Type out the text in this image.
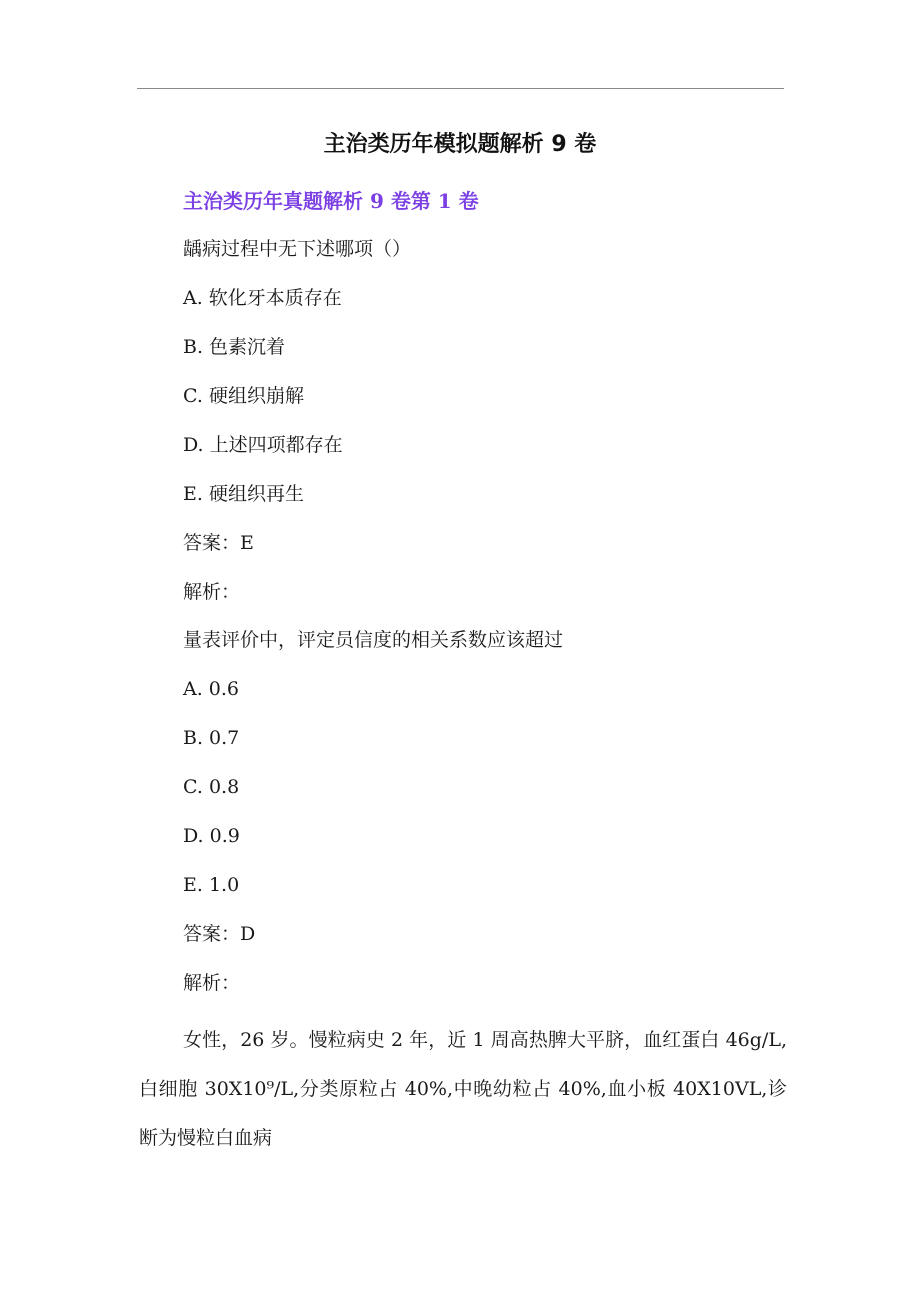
主治类历年模拟题解析 9 卷
主治类历年真题解析 9 卷第 1 卷

龋病过程中无下述哪项（）

A. 软化牙本质存在

B. 色素沉着

C. 硬组织崩解

D. 上述四项都存在

E. 硬组织再生

答案：E

解析：

量表评价中，评定员信度的相关系数应该超过

A. 0.6

B. 0.7

C. 0.8

D. 0.9

E. 1.0

答案：D

解析：

女性，26 岁。慢粒病史 2 年，近 1 周高热脾大平脐，血红蛋白 46g/L,白细胞 30X10⁹/L,分类原粒占 40%,中晚幼粒占 40%,血小板 40X10VL,诊断为慢粒白血病
